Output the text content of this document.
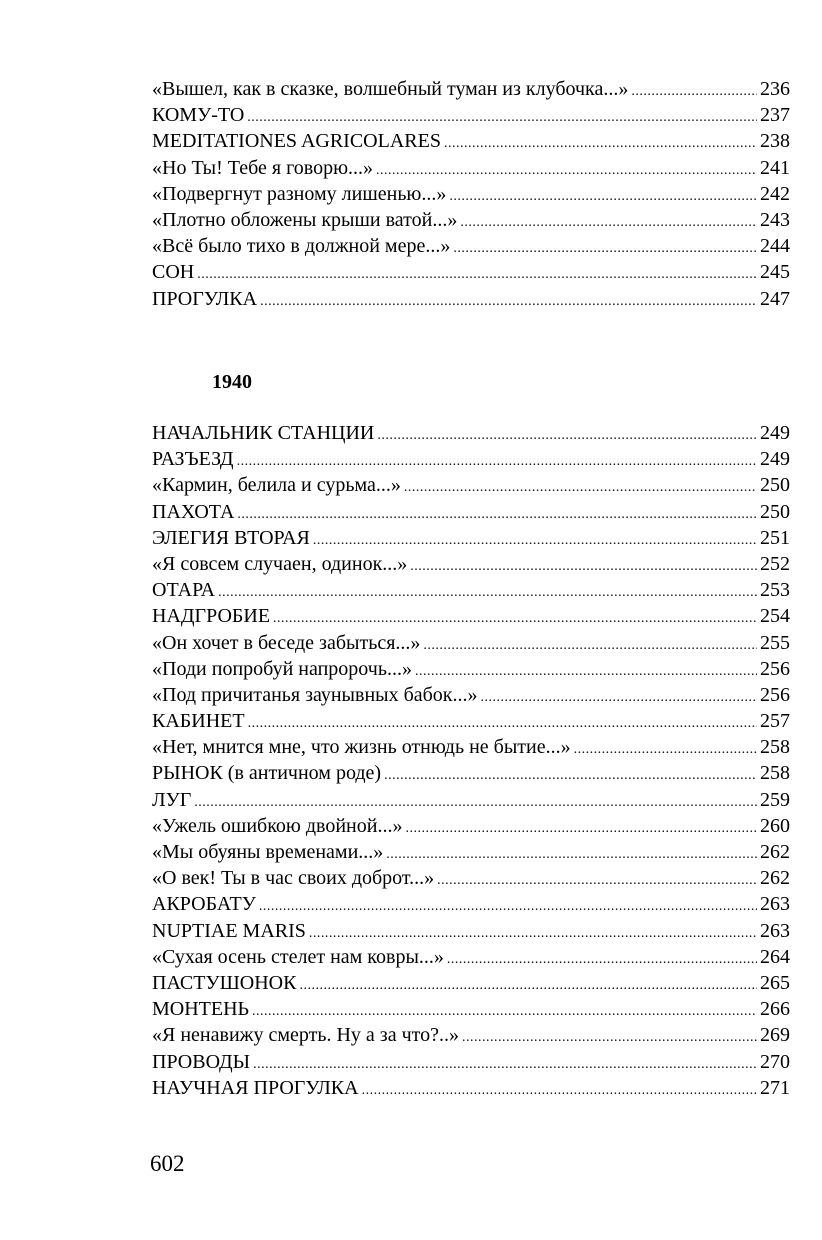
«Вышел, как в сказке, волшебный туман из клубочка...» .....	236
КОМУ-ТО .....	237
MEDITATIONES AGRICOLARES .....	238
«Но Ты! Тебе я говорю...» .....	241
«Подвергнут разному лишенью...» .....	242
«Плотно обложены крыши ватой...» .....	243
«Всё было тихо в должной мере...» .....	244
СОН .....	245
ПРОГУЛКА .....	247
1940
НАЧАЛЬНИК СТАНЦИИ .....	249
РАЗЪЕЗД .....	249
«Кармин, белила и сурьма...» .....	250
ПАХОТА .....	250
ЭЛЕГИЯ ВТОРАЯ .....	251
«Я совсем случаен, одинок...» .....	252
ОТАРА .....	253
НАДГРОБИЕ .....	254
«Он хочет в беседе забыться...» .....	255
«Поди попробуй напророчь...» .....	256
«Под причитанья заунывных бабок...» .....	256
КАБИНЕТ .....	257
«Нет, мнится мне, что жизнь отнюдь не бытие...» .....	258
РЫНОК (в античном роде) .....	258
ЛУГ .....	259
«Ужель ошибкою двойной...» .....	260
«Мы обуяны временами...» .....	262
«О век! Ты в час своих доброт...» .....	262
АКРОБАТУ .....	263
NUPTIAE MARIS .....	263
«Сухая осень стелет нам ковры...» .....	264
ПАСТУШОНОК .....	265
МОНТЕНЬ .....	266
«Я ненавижу смерть. Ну а за что?..» .....	269
ПРОВОДЫ .....	270
НАУЧНАЯ ПРОГУЛКА .....	271
602
